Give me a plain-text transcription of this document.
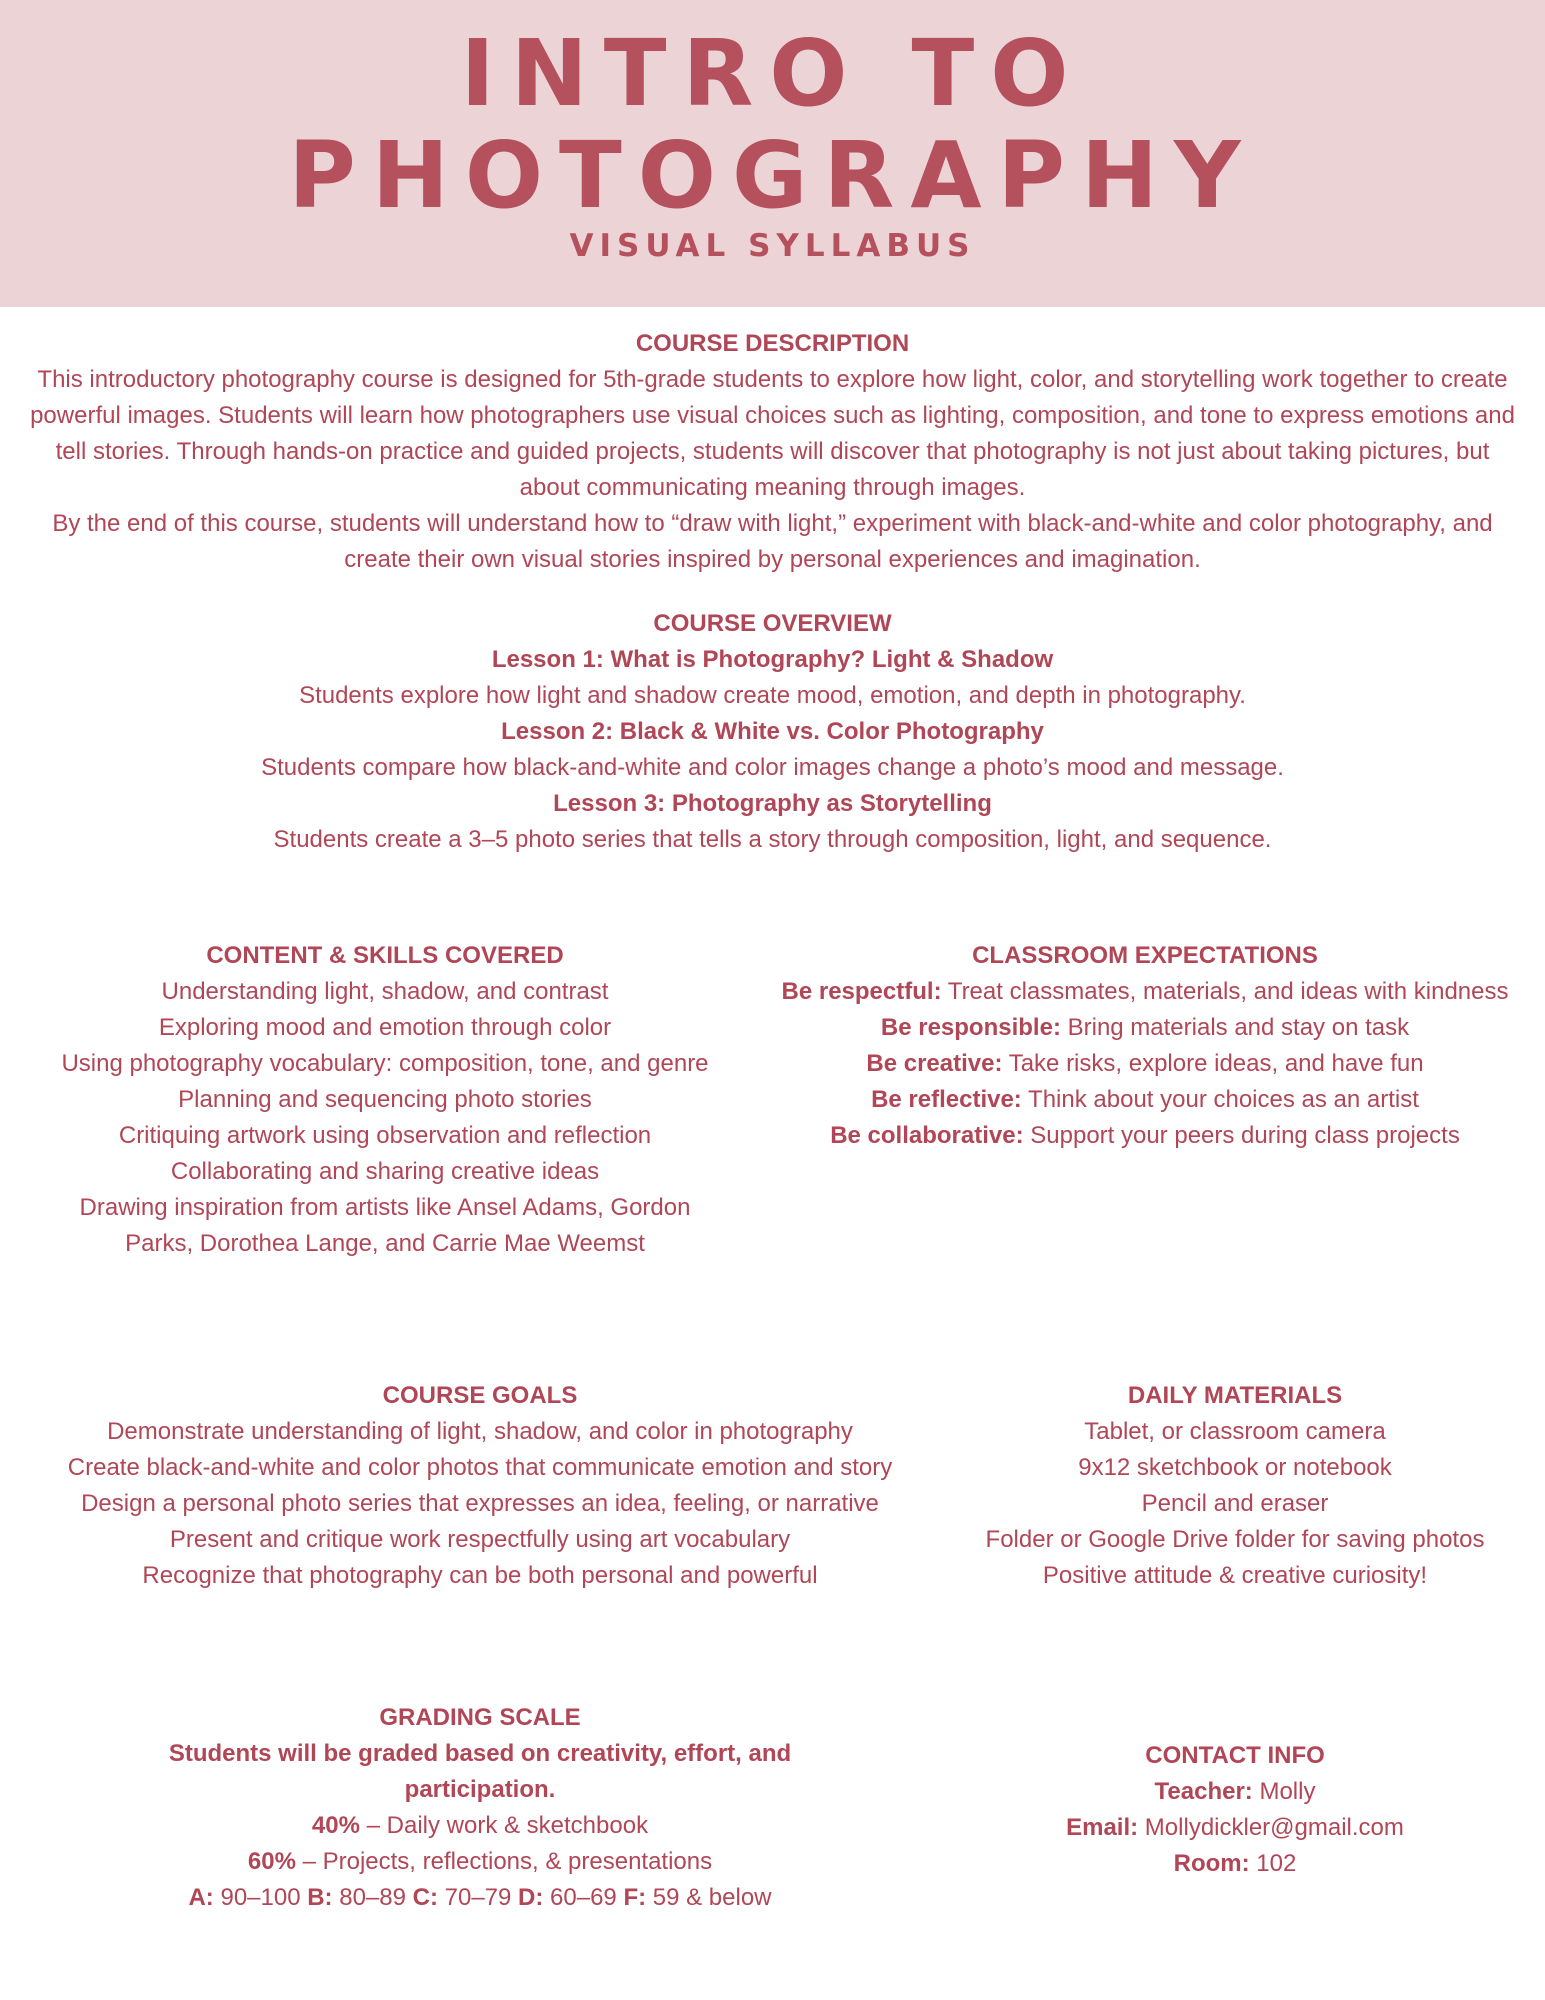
INTRO TO
PHOTOGRAPHY
VISUAL SYLLABUS

COURSE DESCRIPTION

This introductory photography course is designed for 5th-grade students to explore how light, color, and storytelling work together to create powerful images. Students will learn how photographers use visual choices such as lighting, composition, and tone to express emotions and tell stories. Through hands-on practice and guided projects, students will discover that photography is not just about taking pictures, but about communicating meaning through images.

By the end of this course, students will understand how to “draw with light,” experiment with black-and-white and color photography, and create their own visual stories inspired by personal experiences and imagination.

COURSE OVERVIEW

Lesson 1: What is Photography? Light & Shadow

Students explore how light and shadow create mood, emotion, and depth in photography.

Lesson 2: Black & White vs. Color Photography

Students compare how black-and-white and color images change a photo’s mood and message.

Lesson 3: Photography as Storytelling

Students create a 3–5 photo series that tells a story through composition, light, and sequence.

CONTENT & SKILLS COVERED

Understanding light, shadow, and contrast

Exploring mood and emotion through color

Using photography vocabulary: composition, tone, and genre

Planning and sequencing photo stories

Critiquing artwork using observation and reflection

Collaborating and sharing creative ideas

Drawing inspiration from artists like Ansel Adams, Gordon

Parks, Dorothea Lange, and Carrie Mae Weemst

CLASSROOM EXPECTATIONS

Be respectful: Treat classmates, materials, and ideas with kindness

Be responsible: Bring materials and stay on task

Be creative: Take risks, explore ideas, and have fun

Be reflective: Think about your choices as an artist

Be collaborative: Support your peers during class projects

COURSE GOALS

Demonstrate understanding of light, shadow, and color in photography

Create black-and-white and color photos that communicate emotion and story

Design a personal photo series that expresses an idea, feeling, or narrative

Present and critique work respectfully using art vocabulary

Recognize that photography can be both personal and powerful

DAILY MATERIALS

Tablet, or classroom camera

9x12 sketchbook or notebook

Pencil and eraser

Folder or Google Drive folder for saving photos

Positive attitude & creative curiosity!

GRADING SCALE

Students will be graded based on creativity, effort, and

participation.

40% – Daily work & sketchbook

60% – Projects, reflections, & presentations

A: 90–100 B: 80–89 C: 70–79 D: 60–69 F: 59 & below

CONTACT INFO

Teacher: Molly

Email: Mollydickler@gmail.com

Room: 102
